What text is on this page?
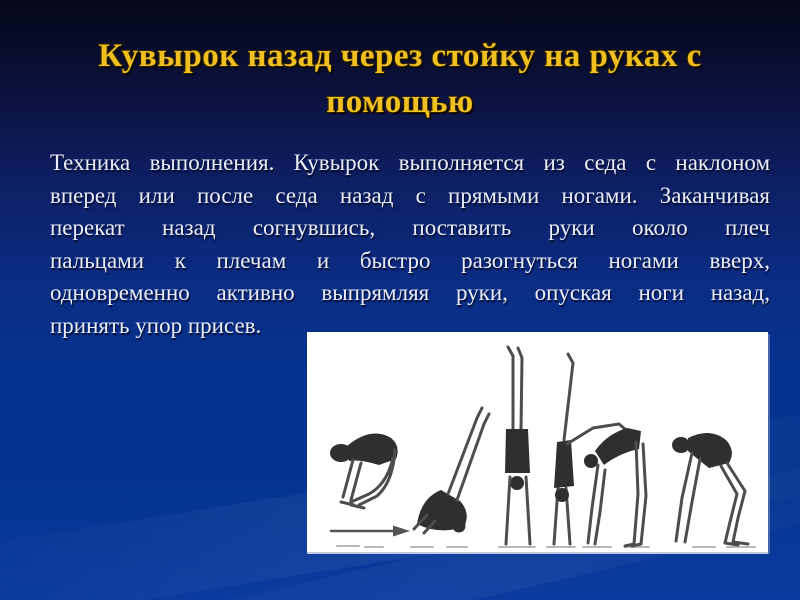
Кувырок назад через стойку на руках с
помощью
Техника выполнения. Кувырок выполняется из седа с наклоном
вперед или после седа назад с прямыми ногами. Заканчивая
перекат назад согнувшись, поставить руки около плеч
пальцами к плечам и быстро разогнуться ногами вверх,
одновременно активно выпрямляя руки, опуская ноги назад,
принять упор присев.
